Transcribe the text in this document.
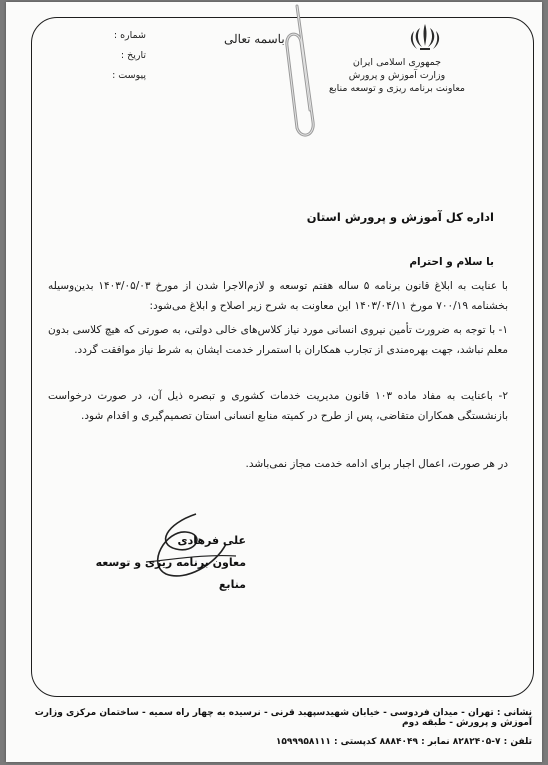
جمهوری اسلامی ایران
وزارت آموزش و پرورش
معاونت برنامه ریزی و توسعه منابع
باسمه تعالی
شماره :
تاریخ :
پیوست :
اداره کل آموزش و پرورش استان
با سلام و احترام
با عنایت به ابلاغ قانون برنامه ۵ ساله هفتم توسعه و لازم‌الاجرا شدن از مورخ ۱۴۰۳/۰۵/۰۳ بدین‌وسیله بخشنامه ۷۰۰/۱۹ مورخ ۱۴۰۳/۰۴/۱۱ این معاونت به شرح زیر اصلاح و ابلاغ می‌شود:
۱- با توجه به ضرورت تأمین نیروی انسانی مورد نیاز کلاس‌های خالی دولتی، به صورتی که هیچ کلاسی بدون معلم نباشد، جهت بهره‌مندی از تجارب همکاران با استمرار خدمت ایشان به شرط نیاز موافقت گردد.
۲- باعنایت به مفاد ماده ۱۰۳ قانون مدیریت خدمات کشوری و تبصره ذیل آن، در صورت درخواست بازنشستگی همکاران متقاضی، پس از طرح در کمیته منابع انسانی استان تصمیم‌گیری و اقدام شود.
در هر صورت، اعمال اجبار برای ادامه خدمت مجاز نمی‌باشد.
علی فرهادی
معاون برنامه ریزی و توسعه منابع
نشانی : تهران - میدان فردوسی - خیابان شهیدسپهبد قرنی - نرسیده به چهار راه سمیه - ساختمان مرکزی وزارت آموزش و پرورش - طبقه دوم
تلفن : ۷-۸۲۸۲۴۰۵ نمابر : ۸۸۸۴۰۴۹ کدپستی : ۱۵۹۹۹۵۸۱۱۱
